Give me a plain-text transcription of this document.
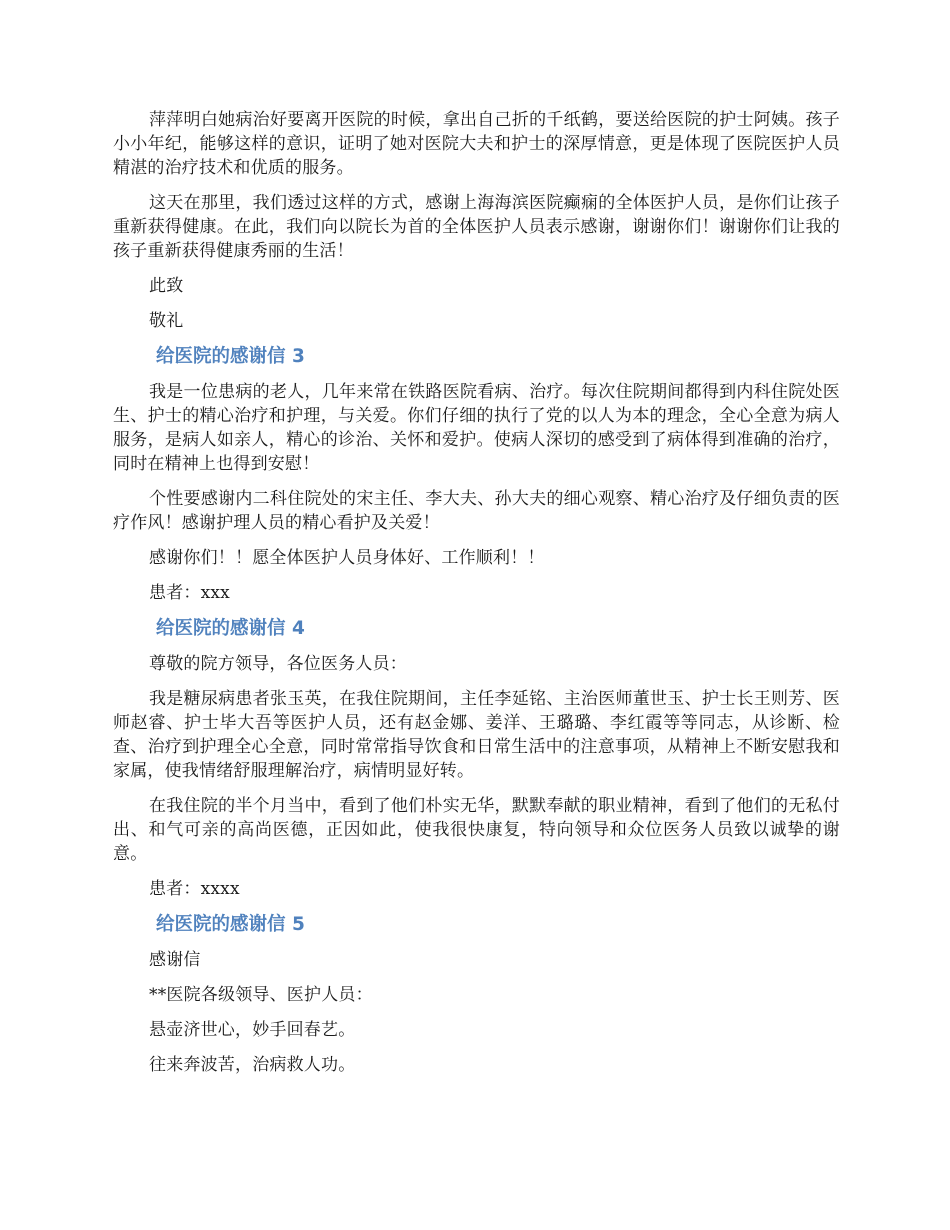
萍萍明白她病治好要离开医院的时候，拿出自己折的千纸鹤，要送给医院的护士阿姨。孩子小小年纪，能够这样的意识，证明了她对医院大夫和护士的深厚情意，更是体现了医院医护人员精湛的治疗技术和优质的服务。

这天在那里，我们透过这样的方式，感谢上海海滨医院癫痫的全体医护人员，是你们让孩子重新获得健康。在此，我们向以院长为首的全体医护人员表示感谢，谢谢你们！谢谢你们让我的孩子重新获得健康秀丽的生活！

此致

敬礼

给医院的感谢信 3

我是一位患病的老人，几年来常在铁路医院看病、治疗。每次住院期间都得到内科住院处医生、护士的精心治疗和护理，与关爱。你们仔细的执行了党的以人为本的理念，全心全意为病人服务，是病人如亲人，精心的诊治、关怀和爱护。使病人深切的感受到了病体得到准确的治疗，同时在精神上也得到安慰！

个性要感谢内二科住院处的宋主任、李大夫、孙大夫的细心观察、精心治疗及仔细负责的医疗作风！感谢护理人员的精心看护及关爱！

感谢你们！！愿全体医护人员身体好、工作顺利！！

患者：xxx

给医院的感谢信 4

尊敬的院方领导，各位医务人员：

我是糖尿病患者张玉英，在我住院期间，主任李延铭、主治医师董世玉、护士长王则芳、医师赵睿、护士毕大吾等医护人员，还有赵金娜、姜洋、王璐璐、李红霞等等同志，从诊断、检查、治疗到护理全心全意，同时常常指导饮食和日常生活中的注意事项，从精神上不断安慰我和家属，使我情绪舒服理解治疗，病情明显好转。

在我住院的半个月当中，看到了他们朴实无华，默默奉献的职业精神，看到了他们的无私付出、和气可亲的高尚医德，正因如此，使我很快康复，特向领导和众位医务人员致以诚挚的谢意。

患者：xxxx

给医院的感谢信 5

感谢信

**医院各级领导、医护人员：

悬壶济世心，妙手回春艺。

往来奔波苦，治病救人功。
